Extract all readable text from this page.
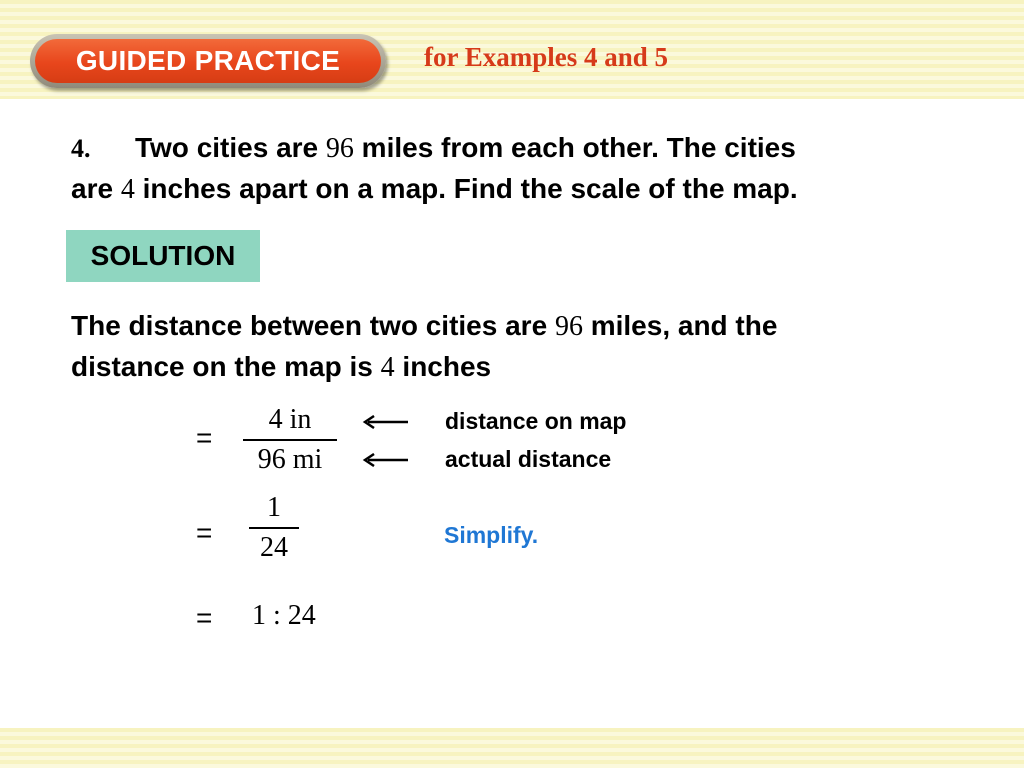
GUIDED PRACTICE	for Examples 4 and 5
4. Two cities are 96 miles from each other. The cities
are 4 inches apart on a map. Find the scale of the map.
SOLUTION
The distance between two cities are 96 miles, and the
distance on the map is 4 inches
=
4 in
96 mi
distance on map
actual distance
=
1
24	Simplify.
= 1 : 24
